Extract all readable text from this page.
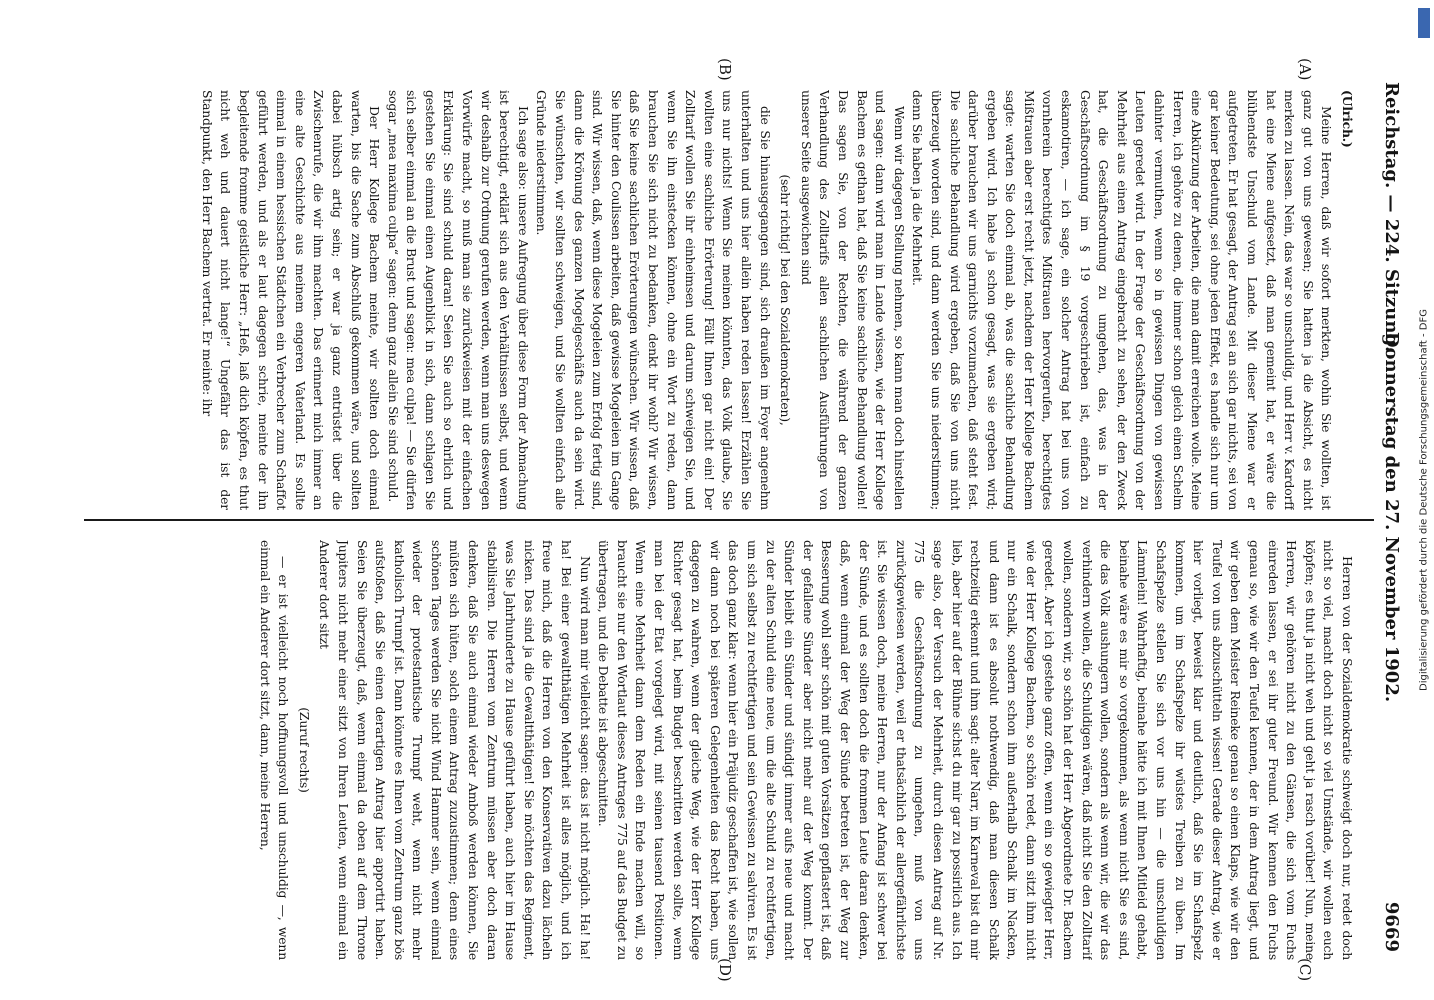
Reichstag. — 224. Sitzung.
Donnerstag den 27. November 1902.
9669
(A)
(B)
(C)
(D)

(Ulrich.)

Meine Herren, daß wir sofort merkten, wohin Sie wollten, ist ganz gut von uns gewesen; Sie hatten ja die Absicht, es nicht merken zu lassen. Nein, das war so unschuldig, und Herr v. Kardorff hat eine Miene aufgesetzt, daß man gemeint hat, er wäre die blühendste Unschuld vom Lande. Mit dieser Miene war er aufgetreten. Er hat gesagt, der Antrag sei an sich gar nichts, sei von gar keiner Bedeutung, sei ohne jeden Effekt, es handle sich nur um eine Abkürzung der Arbeiten, die man damit erreichen wolle. Meine Herren, ich gehöre zu denen, die immer schon gleich einen Schelm dahinter vermuthen, wenn so in gewissen Dingen von gewissen Leuten geredet wird. In der Frage der Geschäftsordnung von der Mehrheit aus einen Antrag eingebracht zu sehen, der den Zweck hat, die Geschäftsordnung zu umgehen, das, was in der Geschäftsordnung im § 19 vorgeschrieben ist, einfach zu eskamotiren, — ich sage, ein solcher Antrag hat bei uns von vornherein berechtigtes Mißtrauen hervorgerufen, berechtigtes Mißtrauen aber erst recht jetzt, nachdem der Herr Kollege Bachem sagte: warten Sie doch einmal ab, was die sachliche Behandlung ergeben wird. Ich habe ja schon gesagt, was sie ergeben wird; darüber brauchen wir uns garnichts vorzumachen, daß steht fest. Die sachliche Behandlung wird ergeben, daß Sie von uns nicht überzeugt worden sind, und dann werden Sie uns niederstimmen; denn Sie haben ja die Mehrheit.

Wenn wir dagegen Stellung nehmen, so kann man doch hinstellen und sagen: dann wird man im Lande wissen, wie der Herr Kollege Bachem es gethan hat, daß Sie keine sachliche Behandlung wollen! Das sagen Sie, von der Rechten, die während der ganzen Verhandlung des Zolltarifs allen sachlichen Ausführungen von unserer Seite ausgewichen sind

(sehr richtig! bei den Sozialdemokraten),

die Sie hinausgegangen sind, sich draußen im Foyer angenehm unterhalten und uns hier allein haben reden lassen! Erzählen Sie uns nur nichts! Wenn Sie meinen könnten, das Volk glaube, Sie wollten eine sachliche Erörterung! Fällt Ihnen gar nicht ein! Der Zolltarif wollen Sie ihr einheimsen und darum schweigen Sie, und wenn Sie ihn einstecken können, ohne ein Wort zu reden, dann brauchen Sie sich nicht zu bedanken, denkt ihr wohl? Wir wissen, daß Sie keine sachlichen Erörterungen wünschen. Wir wissen, daß Sie hinter den Coulissen arbeiten, daß gewisse Mogeleien im Gange sind. Wir wissen, daß, wenn diese Mogeleien zum Erfolg fertig sind, dann die Krönung des ganzen Mogelgeschäfts auch da sein wird. Sie wünschten, wir sollten schweigen, und Sie wollten einfach alle Gründe niederstimmen.

Ich sage also: unsere Aufregung über diese Form der Abmachung ist berechtigt, erklärt sich aus den Verhältnissen selbst, und wenn wir deshalb zur Ordnung gerufen werden, wenn man uns deswegen Vorwürfe macht, so muß man sie zurückweisen mit der einfachen Erklärung: Sie sind schuld daran! Seien Sie auch so ehrlich und gestehen Sie einmal einen Augenblick in sich, dann schlagen Sie sich selber einmal an die Brust und sagen: mea culpa! — Sie dürfen sogar „mea maxima culpa“ sagen: denn ganz allein Sie sind schuld.

Der Herr Kollege Bachem meinte, wir sollten doch einmal warten, bis die Sache zum Abschluß gekommen wäre, und sollten dabei hübsch artig sein; er war ja ganz entrüstet über die Zwischenrufe, die wir ihm machten. Das erinnert mich immer an eine alte Geschichte aus meinem engeren Vaterland. Es sollte einmal in einem hessischen Städtchen ein Verbrecher zum Schaffot geführt werden, und als er laut dagegen schrie, meinte der ihn begleitende fromme geistliche Herr: „Heß, laß dich köpfen, es thut nicht weh und dauert nicht lange!“ Ungefähr das ist der Standpunkt, den Herr Bachem vertrat. Er meinte: ihr

Herren von der Sozialdemokratie schweigt doch nur, redet doch nicht so viel, macht doch nicht so viel Umstände, wir wollen euch köpfen; es thut ja nicht weh und geht ja rasch vorüber! Nun, meine Herren, wir gehören nicht zu den Gänsen, die sich vom Fuchs einreden lassen, er sei ihr guter Freund. Wir kennen den Fuchs genau so, wie wir den Teufel kennen, der in dem Antrag liegt, und wir geben dem Meister Reineke genau so einen Klaps, wie wir den Teufel von uns abzuschütteln wissen! Gerade dieser Antrag, wie er hier vorliegt, beweist klar und deutlich, daß Sie im Schafspelz kommen, um im Schafspelze ihr wüstes Treiben zu üben. Im Schafspelze stellen Sie sich vor uns hin — die unschuldigen Lämmlein! Wahrhaftig, beinahe hätte ich mit Ihnen Mitleid gehabt, beinahe wäre es mir so vorgekommen, als wenn nicht Sie es sind, die das Volk aushungern wollen, sondern als wenn wir, die wir das verhindern wollen, die Schuldigen wären, daß nicht Sie den Zolltarif wollen, sondern wir, so schön hat der Herr Abgeordnete Dr. Bachem geredet. Aber ich gestehe ganz offen, wenn ein so gewiegter Herr, wie der Herr Kollege Bachem, so schön redet, dann sitzt ihm nicht nur ein Schalk, sondern schon ihm außerhalb Schalk im Nacken, und dann ist es absolut nothwendig, daß man diesen Schalk rechtzeitig erkennt und ihm sagt: alter Narr, im Karneval bist du mir lieb, aber hier auf der Bühne sichst du mir gar zu possirlich aus. Ich sage also, der Versuch der Mehrheit, durch diesen Antrag auf Nr. 775 die Geschäftsordnung zu umgehen, muß von uns zurückgewiesen werden, weil er thatsächlich der allergefährlichste ist. Sie wissen doch, meine Herren, nur der Anfang ist schwer bei der Sünde, und es sollten doch die frommen Leute daran denken, daß, wenn einmal der Weg der Sünde betreten ist, der Weg zur Besserung wohl sehr schön mit guten Vorsätzen gepflastert ist, daß der gefallene Sünder aber nicht mehr auf der Weg kommt. Der Sünder bleibt ein Sünder und sündigt immer aufs neue und macht zu der alten Schuld eine neue, um die alte Schuld zu rechtfertigen, um sich selbst zu rechtfertigen und sein Gewissen zu salviren. Es ist das doch ganz klar: wenn hier ein Präjudiz geschaffen ist, wie sollen wir dann noch bei späteren Gelegenheiten das Recht haben, uns dagegen zu wahren, wenn der gleiche Weg, wie der Herr Kollege Richter gesagt hat, beim Budget beschritten werden sollte, wenn man bei der Etat vorgelegt wird, mit seinen tausend Positionen. Wenn eine Mehrheit dann dem Reden ein Ende machen will, so braucht sie nur den Wortlaut dieses Antrages 775 auf das Budget zu übertragen, und die Debatte ist abgeschnitten.

Nun wird man mir vielleicht sagen: das ist nicht möglich. Ha! ha! ha! Bei einer gewaltthätigen Mehrheit ist alles möglich, und ich freue mich, daß die Herren von den Konservativen dazu lächeln nicken. Das sind ja die Gewaltthätigen! Sie möchten das Regiment, was Sie Jahrhunderte zu Hause geführt haben, auch hier im Hause stabilisiren. Die Herren vom Zentrum müssen aber doch daran denken, daß Sie auch einmal wieder Amboß werden können, Sie müßten sich hüten, solch einem Antrag zuzustimmen; denn eines schönen Tages werden Sie nicht Wind Hammer sein, wenn einmal wieder der protestantische Trumpf weht, wenn nicht mehr katholisch Trumpf ist. Dann könnte es Ihnen vom Zentrum ganz bös aufstoßen, daß Sie einen derartigen Antrag hier apportirt haben. Seien Sie überzeugt, daß, wenn einmal da oben auf dem Throne Jupiters nicht mehr einer sitzt von Ihren Leuten, wenn einmal ein Anderer dort sitzt

(Zuruf rechts)

— er ist vielleicht noch hoffnungsvoll und unschuldig —, wenn einmal ein Anderer dort sitzt, dann, meine Herren,

Digitalisierung gefördert durch die Deutsche Forschungsgemeinschaft - DFG
